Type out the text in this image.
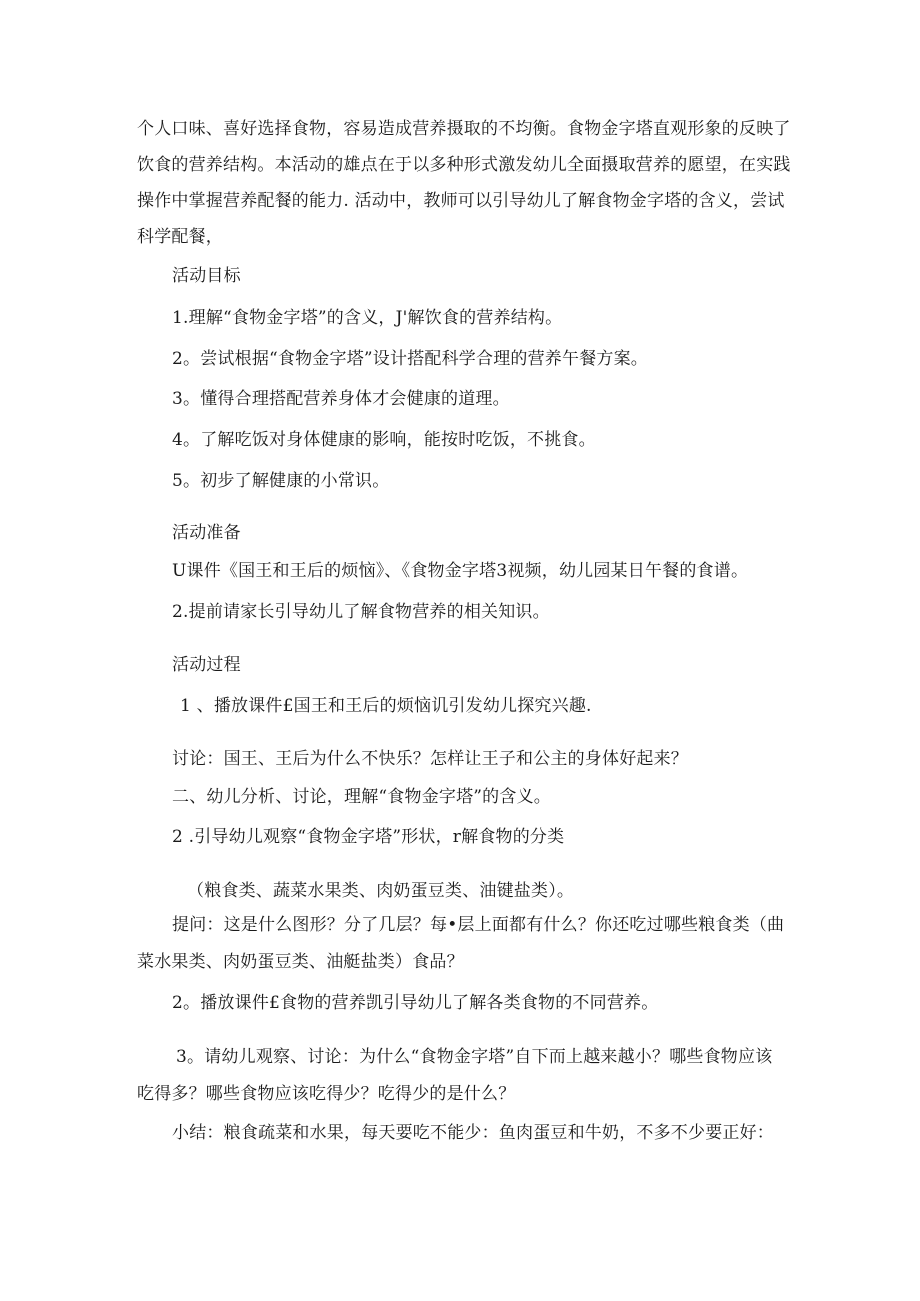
个人口味、喜好选择食物，容易造成营养摄取的不均衡。食物金字塔直观形象的反映了
饮食的营养结构。本活动的雄点在于以多种形式激发幼儿全面摄取营养的愿望，在实践
操作中掌握营养配餐的能力. 活动中，教师可以引导幼儿了解食物金字塔的含义，尝试
科学配餐，
活动目标
1.理解“食物金字塔”的含义，J'解饮食的营养结构。
2。尝试根据“食物金字塔”设计搭配科学合理的营养午餐方案。
3。懂得合理搭配营养身体才会健康的道理。
4。了解吃饭对身体健康的影响，能按时吃饭，不挑食。
5。初步了解健康的小常识。
活动准备
U课件《国王和王后的烦恼》、《食物金字塔3视频，幼儿园某日午餐的食谱。
2.提前请家长引导幼儿了解食物营养的相关知识。
活动过程
1 、播放课件£国王和王后的烦恼讥引发幼儿探究兴趣.
讨论：国王、王后为什么不快乐？怎样让王子和公主的身体好起来？
二、幼儿分析、讨论，理解“食物金字塔”的含义。
2 .引导幼儿观察“食物金字塔”形状，r解食物的分类
（粮食类、蔬菜水果类、肉奶蛋豆类、油键盐类）。
提问：这是什么图形？分了几层？每•层上面都有什么？你还吃过哪些粮食类（曲
菜水果类、肉奶蛋豆类、油艇盐类）食品？
2。播放课件£食物的营养凯引导幼儿了解各类食物的不同营养。
3。请幼儿观察、讨论：为什么“食物金字塔”自下而上越来越小？哪些食物应该
吃得多？哪些食物应该吃得少？吃得少的是什么？
小结：粮食疏菜和水果，每天要吃不能少：鱼肉蛋豆和牛奶，不多不少要正好：
